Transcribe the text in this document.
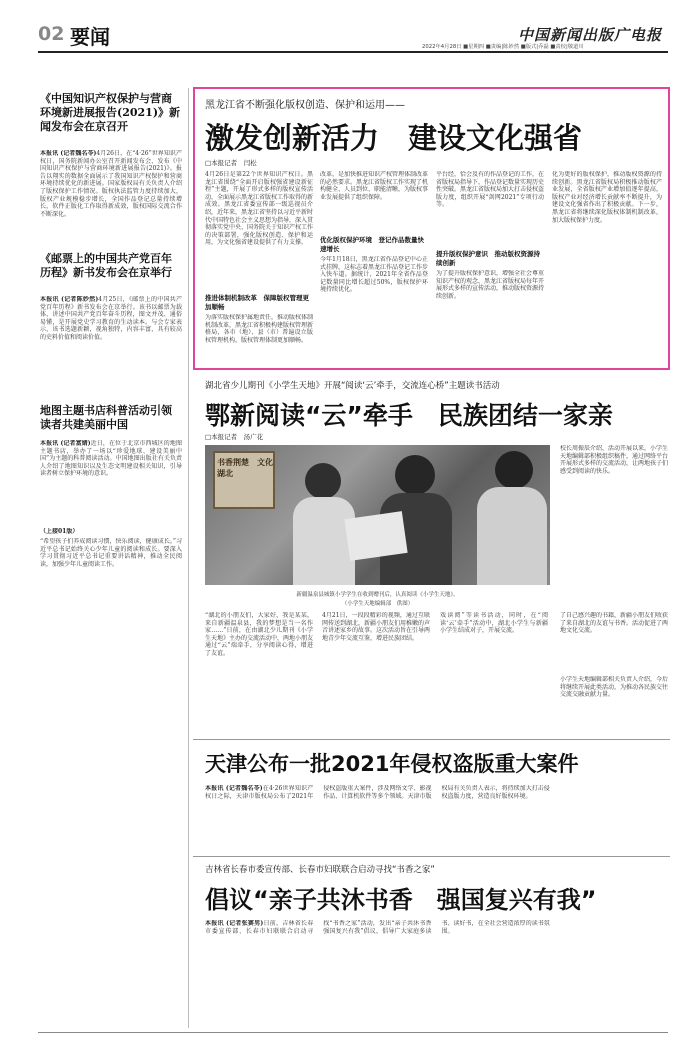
02 要闻	中国新闻出版广电报
2022年4月28日 ■星期四 ■责编|陈妙然 ■版式|乔磊 ■责校|敬道川
《中国知识产权保护与营商环境新进展报告(2021)》新闻发布会在京召开
本报讯 (记者魏名苓)4月26日，在“4·26”世界知识产权日，国务院新闻办公室召开新闻发布会，发布《中国知识产权保护与营商环境新进展报告(2021)》。报告以翔实的数据全面展示了我国知识产权保护和营商环境持续优化的新进展。国家版权局有关负责人介绍了版权保护工作情况。版权执法监管力度持续加大，版权产业规模稳步增长，全国作品登记总量持续增长，软件正版化工作取得新成效，版权国际交流合作不断深化。
《邮票上的中国共产党百年历程》新书发布会在京举行
本报讯 (记者陈妙然)4月25日，《邮票上的中国共产党百年历程》新书发布会在京举行。该书以邮票为载体，讲述中国共产党百年奋斗历程，图文并茂、通俗易懂，是开展党史学习教育的生动读本。与会专家表示，该书选题新颖，视角独特，内容丰富，具有较高的史料价值和阅读价值。
地图主题书店科普活动引领读者共建美丽中国
本报讯 (记者富婧)近日，在位于北京市西城区的地图主题书店，举办了一场以“珍爱地球、建设美丽中国”为主题的科普阅读活动。中国地图出版社有关负责人介绍了地图知识以及生态文明建设相关知识，引导读者树立保护环境的意识。
（上接01版）
“希望孩子们养成阅读习惯，快乐阅读，健康成长。”习近平总书记始终关心少年儿童的阅读和成长。要深入学习贯彻习近平总书记重要讲话精神，推动全民阅读，加强少年儿童阅读工作。
黑龙江省不断强化版权创造、保护和运用——
激发创新活力　建设文化强省
□本报记者　闫松
4月26日是第22个世界知识产权日。黑龙江省围绕“全面开启版权强省建设新征程”主题，开展了形式多样的版权宣传活动，全面展示黑龙江省版权工作取得的新成效。黑龙江省委宣传部一级巡视员介绍，近年来，黑龙江省坚持以习近平新时代中国特色社会主义思想为指导，深入贯彻落实党中央、国务院关于知识产权工作的决策部署，强化版权创造、保护和运用，为文化强省建设提供了有力支撑。
推进体制机制改革　保障版权管理更加顺畅
为落实版权保护属地责任，推动版权体制机制改革，黑龙江省积极构建版权管理新格局，各市（地）、县（市）普遍设立版权管理机构，版权管理体制更加顺畅。
改革，是加快推进知识产权管理体制改革的必然要求。黑龙江省版权工作实现了机构健全、人员到位、职能清晰，为版权事业发展提供了组织保障。
优化版权保护环境　登记作品数量快速增长
今年1月18日，黑龙江省作品登记中心正式挂牌，这标志着黑龙江作品登记工作步入快车道。据统计，2021年全省作品登记数量同比增长超过50%，版权保护环境持续优化。
平台经，恰会及有的作品登记的工作，在省版权局指导下，作品登记数量实现历史性突破。黑龙江省版权局加大打击侵权盗版力度，组织开展“剑网2021”专项行动等。
提升版权保护意识　推动版权资源持续创新
为了提升版权保护意识，增强全社会尊重知识产权的观念，黑龙江省版权局每年开展形式多样的宣传活动，推动版权资源持续创新。
化为更好的版权保护，推动版权资源的持续创新。黑龙江省版权局积极推动版权产业发展，全省版权产业增加值逐年提高，版权产业对经济增长贡献率不断提升，为建设文化强省作出了积极贡献。下一步，黑龙江省将继续深化版权体制机制改革，加大版权保护力度。
湖北省少儿期刊《小学生天地》开展“阅读‘云’牵手，交流连心桥”主题读书活动
鄂新阅读“云”牵手　民族团结一家亲
□本报记者　汤广花
书香荆楚　文化湖北
新疆温泉县城镇小学学生在收到赠刊后，认真阅读《小学生天地》。
（小学生天地编辑部　供图）
校长周振辰介绍，活动开展以来，小学生天地编辑部积极组织稿件，通过网络平台开展形式多样的交流活动，让两地孩子们感受到阅读的快乐。
“湖北的小朋友们，大家好，我是某某，来自新疆温泉县，我的梦想是当一名作家……”日前，在由湖北少儿期刊《小学生天地》主办的交流活动中，两地小朋友通过“云”端牵手，分享阅读心得，增进了友谊。
4月21日，一段段精彩的视频，通过互联网传送到湖北，新疆小朋友们用稚嫩的声音讲述家乡的故事。这次活动旨在引导两地青少年交流互鉴，增进民族团结。
戏读阅”等读书活动，同时，在“阅读‘云’牵手”活动中，湖北小学生与新疆小学生结成对子，开展交流。
了自己感兴趣的书籍，新疆小朋友们收获了来自湖北的友谊与书香。活动促进了两地文化交流。
小学生天地编辑部相关负责人介绍，今后将继续开展此类活动，为推动各民族交往交流交融贡献力量。
天津公布一批2021年侵权盗版重大案件
本报讯 (记者魏名苓)在4·26世界知识产权日之际，天津市版权局公布了2021年侵权盗版重大案件，涉及网络文学、影视作品、计算机软件等多个领域。天津市版权局有关负责人表示，将持续加大打击侵权盗版力度，营造良好版权环境。
吉林省长春市委宣传部、长春市妇联联合启动寻找“书香之家”
倡议“亲子共沐书香　强国复兴有我”
本报讯 (记者张赛男)日前，吉林省长春市委宣传部、长春市妇联联合启动寻找“书香之家”活动，发出“亲子共沐书香　强国复兴有我”倡议，倡导广大家庭多读书、读好书，在全社会营造浓厚的读书氛围。
